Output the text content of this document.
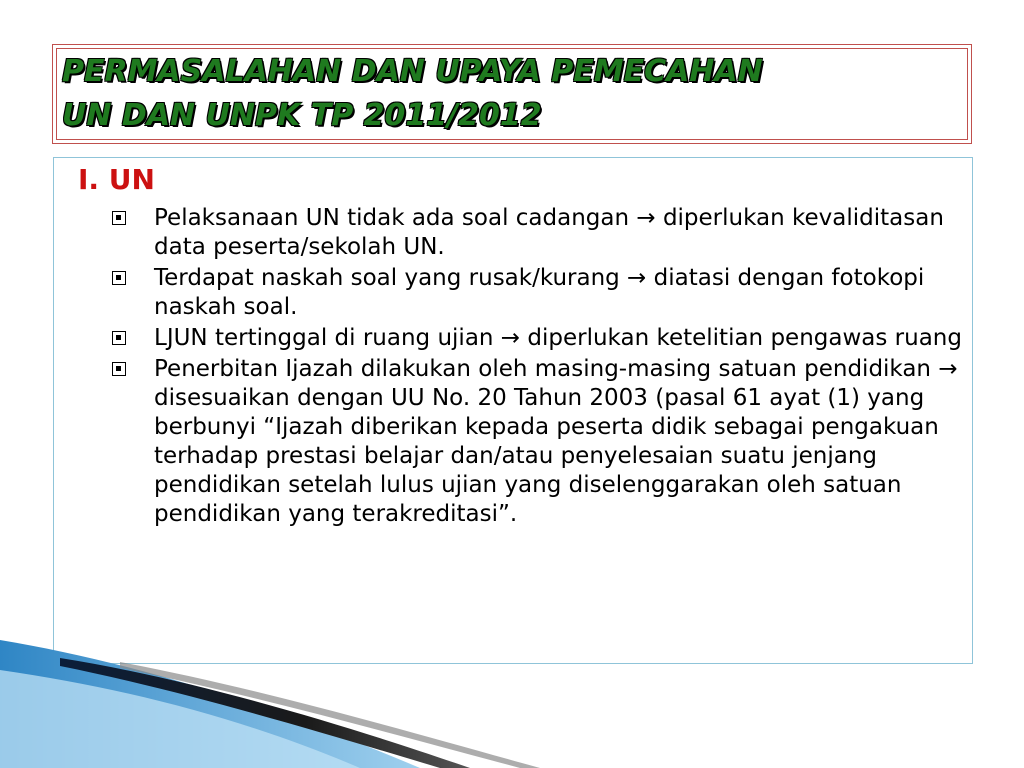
PERMASALAHAN DAN UPAYA PEMECAHAN
UN DAN UNPK TP 2011/2012
I. UN
Pelaksanaan UN tidak ada soal cadangan → diperlukan kevaliditasan data peserta/sekolah UN.
Terdapat naskah soal yang rusak/kurang → diatasi dengan fotokopi naskah soal.
LJUN tertinggal di ruang ujian → diperlukan ketelitian pengawas ruang
Penerbitan Ijazah dilakukan oleh masing-masing satuan pendidikan → disesuaikan dengan UU No. 20 Tahun 2003 (pasal 61 ayat (1) yang berbunyi “Ijazah diberikan kepada peserta didik sebagai pengakuan terhadap prestasi belajar dan/atau penyelesaian suatu jenjang pendidikan setelah lulus ujian yang diselenggarakan oleh satuan pendidikan yang terakreditasi”.
